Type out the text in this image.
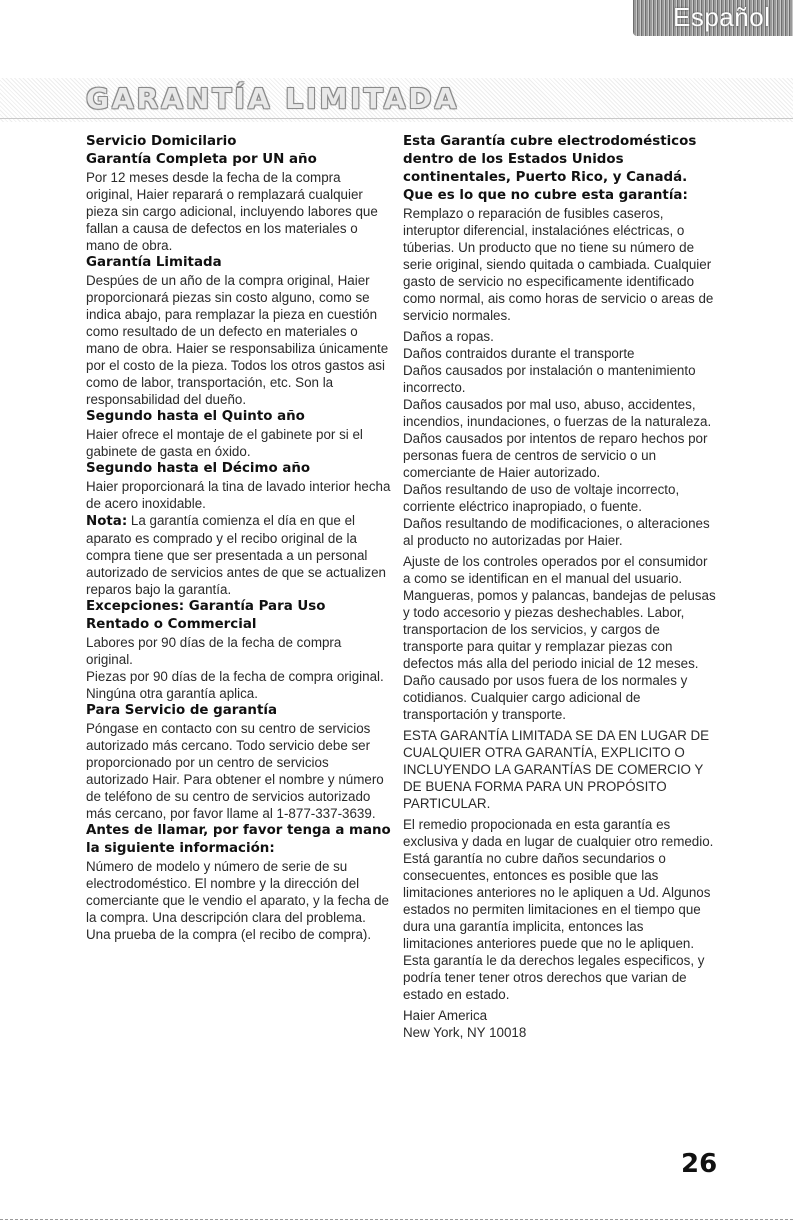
Español
GARANTÍA LIMITADA
Servicio Domicilario
Garantía Completa por UN año

Por 12 meses desde la fecha de la compra original, Haier reparará o remplazará cualquier pieza sin cargo adicional, incluyendo labores que fallan a causa de defectos en los materiales o mano de obra.

Garantía Limitada

Despúes de un año de la compra original, Haier proporcionará piezas sin costo alguno, como se indica abajo, para remplazar la pieza en cuestión como resultado de un defecto en materiales o mano de obra. Haier se responsabiliza únicamente por el costo de la pieza. Todos los otros gastos asi como de labor, transportación, etc. Son la responsabilidad del dueño.

Segundo hasta el Quinto año

Haier ofrece el montaje de el gabinete por si el gabinete de gasta en óxido.

Segundo hasta el Décimo año

Haier proporcionará la tina de lavado interior hecha de acero inoxidable.

Nota: La garantía comienza el día en que el aparato es comprado y el recibo original de la compra tiene que ser presentada a un personal autorizado de servicios antes de que se actualizen reparos bajo la garantía.

Excepciones: Garantía Para Uso Rentado o Commercial

Labores por 90 días de la fecha de compra original.

Piezas por 90 días de la fecha de compra original.

Ningúna otra garantía aplica.

Para Servicio de garantía

Póngase en contacto con su centro de servicios autorizado más cercano. Todo servicio debe ser proporcionado por un centro de servicios autorizado Hair. Para obtener el nombre y número de teléfono de su centro de servicios autorizado más cercano, por favor llame al 1-877-337-3639.

Antes de llamar, por favor tenga a mano la siguiente información:

Número de modelo y número de serie de su electrodoméstico. El nombre y la dirección del comerciante que le vendio el aparato, y la fecha de la compra. Una descripción clara del problema. Una prueba de la compra (el recibo de compra).

Esta Garantía cubre electrodomésticos dentro de los Estados Unidos continentales, Puerto Rico, y Canadá.
Que es lo que no cubre esta garantía:

Remplazo o reparación de fusibles caseros, interuptor diferencial, instalaciónes eléctricas, o túberias. Un producto que no tiene su número de serie original, siendo quitada o cambiada. Cualquier gasto de servicio no especificamente identificado como normal, ais como horas de servicio o areas de servicio normales.

Daños a ropas.

Daños contraidos durante el transporte

Daños causados por instalación o mantenimiento incorrecto.

Daños causados por mal uso, abuso, accidentes, incendios, inundaciones, o fuerzas de la naturaleza.

Daños causados por intentos de reparo hechos por personas fuera de centros de servicio o un comerciante de Haier autorizado.

Daños resultando de uso de voltaje incorrecto, corriente eléctrico inapropiado, o fuente.

Daños resultando de modificaciones, o alteraciones al producto no autorizadas por Haier.

Ajuste de los controles operados por el consumidor a como se identifican en el manual del usuario. Mangueras, pomos y palancas, bandejas de pelusas y todo accesorio y piezas deshechables. Labor, transportacion de los servicios, y cargos de transporte para quitar y remplazar piezas con defectos más alla del periodo inicial de 12 meses. Daño causado por usos fuera de los normales y cotidianos. Cualquier cargo adicional de transportación y transporte.

ESTA GARANTÍA LIMITADA SE DA EN LUGAR DE CUALQUIER OTRA GARANTÍA, EXPLICITO O INCLUYENDO LA GARANTÍAS DE COMERCIO Y DE BUENA FORMA PARA UN PROPÓSITO PARTICULAR.

El remedio propocionada en esta garantía es exclusiva y dada en lugar de cualquier otro remedio. Está garantía no cubre daños secundarios o consecuentes, entonces es posible que las limitaciones anteriores no le apliquen a Ud. Algunos estados no permiten limitaciones en el tiempo que dura una garantía implicita, entonces las limitaciones anteriores puede que no le apliquen. Esta garantía le da derechos legales especificos, y podría tener tener otros derechos que varian de estado en estado.

Haier America

New York, NY 10018

26
